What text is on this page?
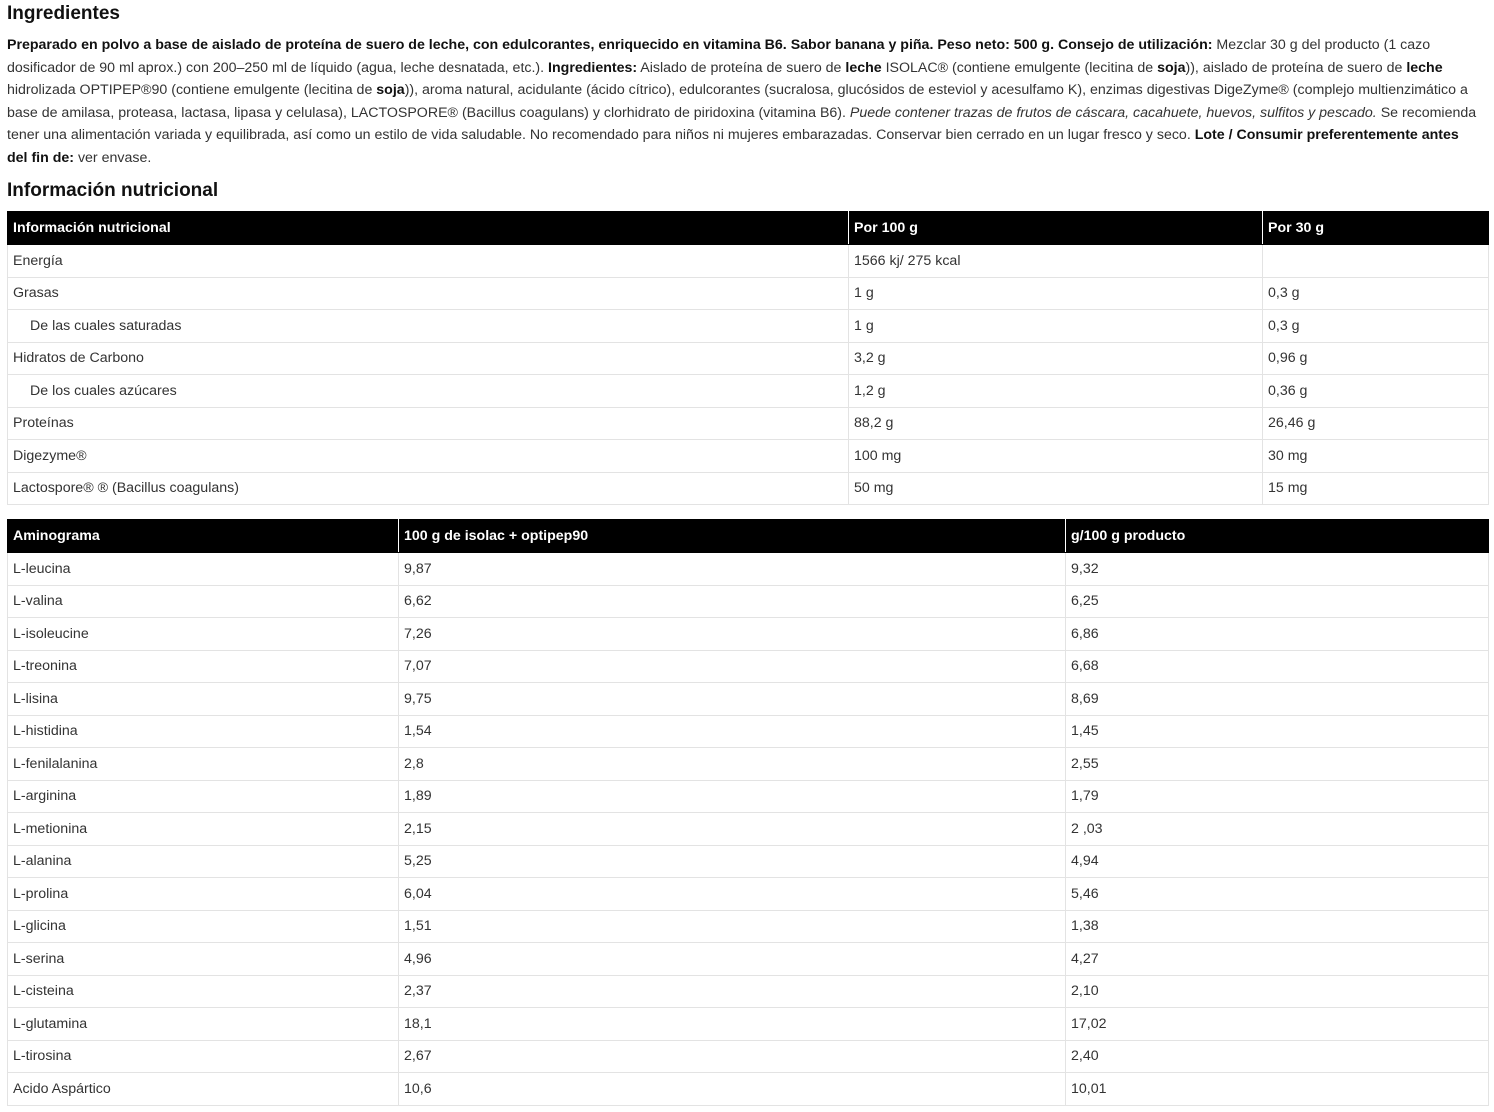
Ingredientes

Preparado en polvo a base de aislado de proteína de suero de leche, con edulcorantes, enriquecido en vitamina B6. Sabor banana y piña. Peso neto: 500 g. Consejo de utilización: Mezclar 30 g del producto (1 cazo dosificador de 90 ml aprox.) con 200–250 ml de líquido (agua, leche desnatada, etc.). Ingredientes: Aislado de proteína de suero de leche ISOLAC® (contiene emulgente (lecitina de soja)), aislado de proteína de suero de leche hidrolizada OPTIPEP®90 (contiene emulgente (lecitina de soja)), aroma natural, acidulante (ácido cítrico), edulcorantes (sucralosa, glucósidos de esteviol y acesulfamo K), enzimas digestivas DigeZyme® (complejo multienzimático a base de amilasa, proteasa, lactasa, lipasa y celulasa), LACTOSPORE® (Bacillus coagulans) y clorhidrato de piridoxina (vitamina B6). Puede contener trazas de frutos de cáscara, cacahuete, huevos, sulfitos y pescado. Se recomienda tener una alimentación variada y equilibrada, así como un estilo de vida saludable. No recomendado para niños ni mujeres embarazadas. Conservar bien cerrado en un lugar fresco y seco. Lote / Consumir preferentemente antes del fin de: ver envase.

Información nutricional
Información nutricional	Por 100 g	Por 30 g
Energía	1566 kj/ 275 kcal	
Grasas	1 g	0,3 g
De las cuales saturadas	1 g	0,3 g
Hidratos de Carbono	3,2 g	0,96 g
De los cuales azúcares	1,2 g	0,36 g
Proteínas	88,2 g	26,46 g
Digezyme®	100 mg	30 mg
Lactospore® ® (Bacillus coagulans)	50 mg	15 mg
Aminograma	100 g de isolac + optipep90	g/100 g producto
L-leucina	9,87	9,32
L-valina	6,62	6,25
L-isoleucine	7,26	6,86
L-treonina	7,07	6,68
L-lisina	9,75	8,69
L-histidina	1,54	1,45
L-fenilalanina	2,8	2,55
L-arginina	1,89	1,79
L-metionina	2,15	2 ,03
L-alanina	5,25	4,94
L-prolina	6,04	5,46
L-glicina	1,51	1,38
L-serina	4,96	4,27
L-cisteina	2,37	2,10
L-glutamina	18,1	17,02
L-tirosina	2,67	2,40
Acido Aspártico	10,6	10,01
